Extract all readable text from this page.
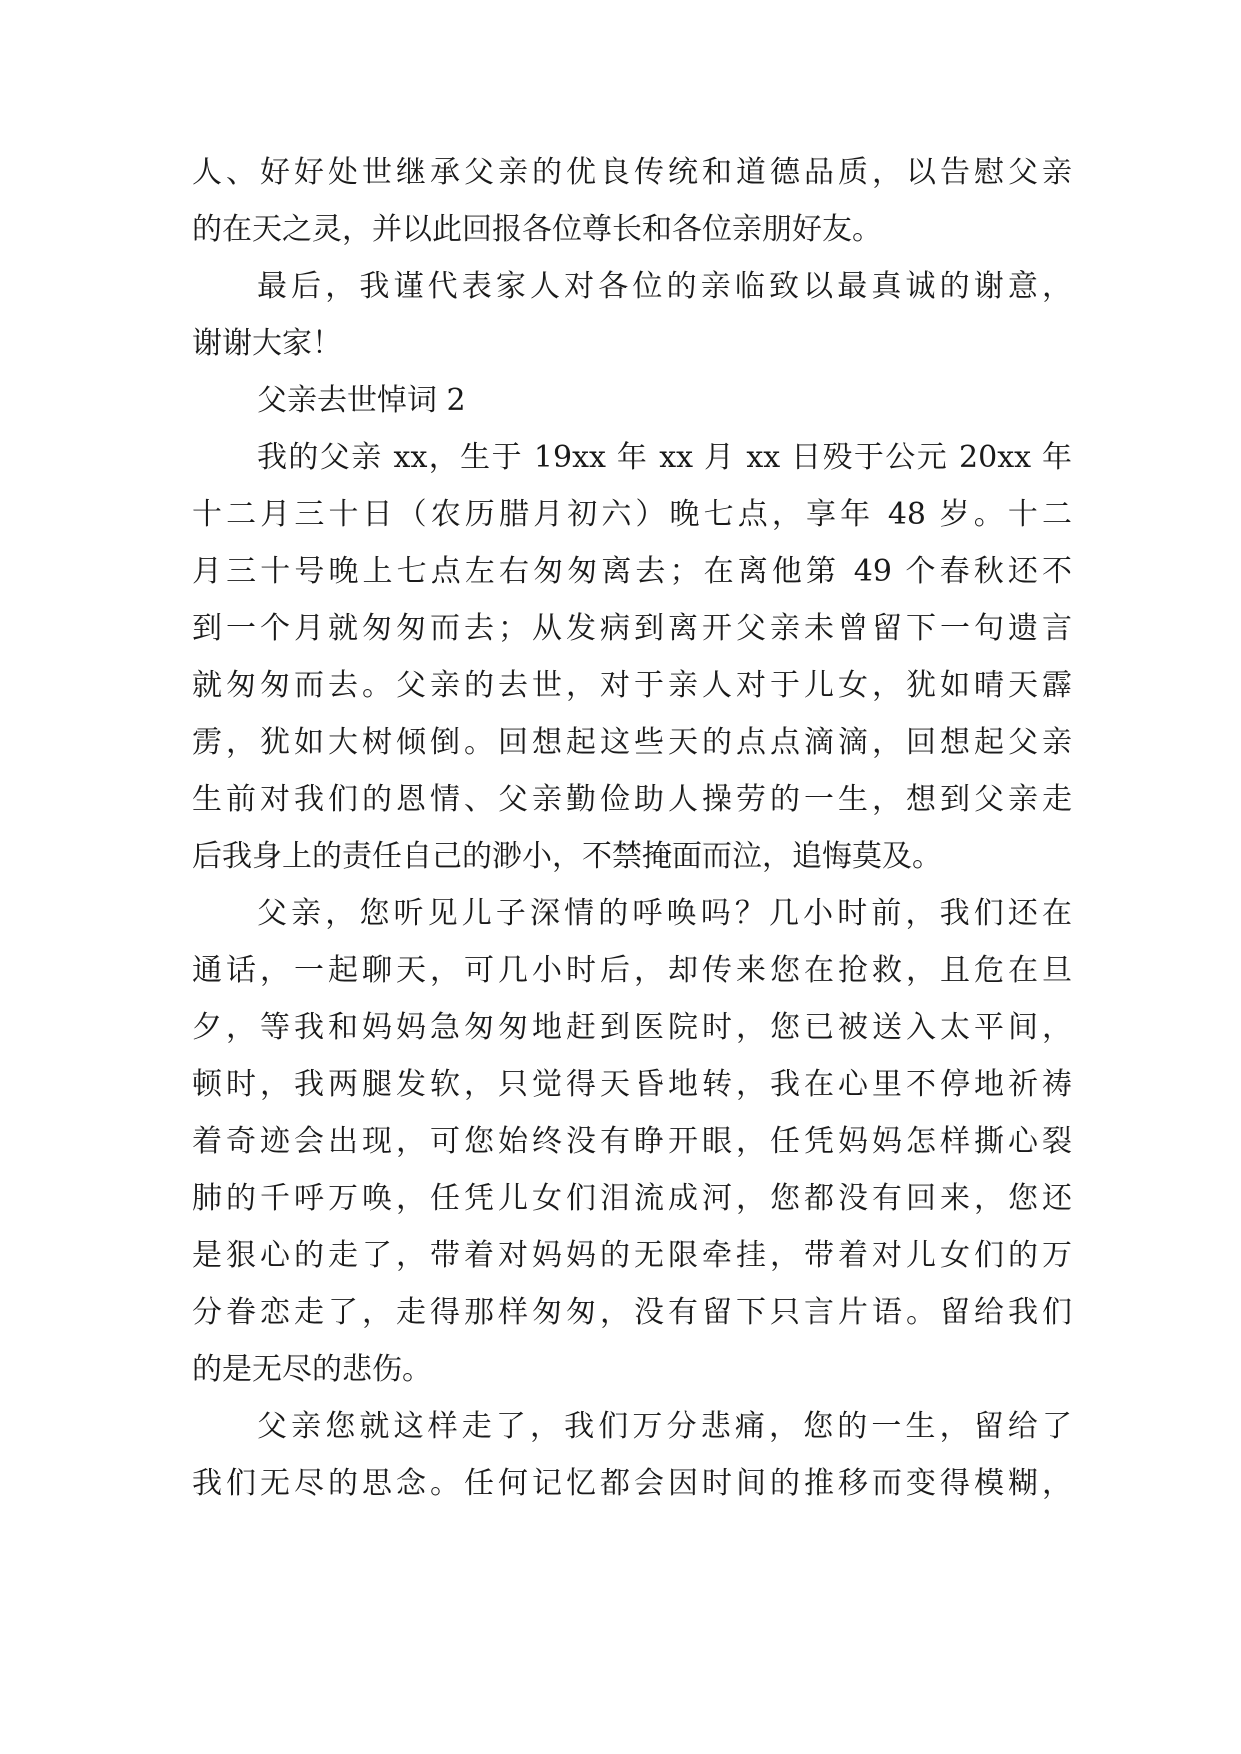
人、好好处世继承父亲的优良传统和道德品质，以告慰父亲
的在天之灵，并以此回报各位尊长和各位亲朋好友。
最后，我谨代表家人对各位的亲临致以最真诚的谢意，
谢谢大家！
父亲去世悼词 2
我的父亲 xx，生于 19xx 年 xx 月 xx 日殁于公元 20xx 年
十二月三十日（农历腊月初六）晚七点，享年 48 岁。十二
月三十号晚上七点左右匆匆离去；在离他第 49 个春秋还不
到一个月就匆匆而去；从发病到离开父亲未曾留下一句遗言
就匆匆而去。父亲的去世，对于亲人对于儿女，犹如晴天霹
雳，犹如大树倾倒。回想起这些天的点点滴滴，回想起父亲
生前对我们的恩情、父亲勤俭助人操劳的一生，想到父亲走
后我身上的责任自己的渺小，不禁掩面而泣，追悔莫及。
父亲，您听见儿子深情的呼唤吗？几小时前，我们还在
通话，一起聊天，可几小时后，却传来您在抢救，且危在旦
夕，等我和妈妈急匆匆地赶到医院时，您已被送入太平间，
顿时，我两腿发软，只觉得天昏地转，我在心里不停地祈祷
着奇迹会出现，可您始终没有睁开眼，任凭妈妈怎样撕心裂
肺的千呼万唤，任凭儿女们泪流成河，您都没有回来，您还
是狠心的走了，带着对妈妈的无限牵挂，带着对儿女们的万
分眷恋走了，走得那样匆匆，没有留下只言片语。留给我们
的是无尽的悲伤。
父亲您就这样走了，我们万分悲痛，您的一生，留给了
我们无尽的思念。任何记忆都会因时间的推移而变得模糊，
